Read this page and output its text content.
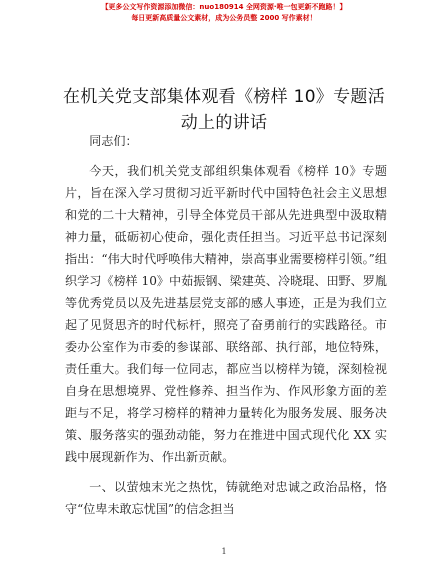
【更多公文写作资源添加微信：nuo180914 全网资源·唯一包更新不跑路！】
每日更新高质量公文素材，成为公务员整 2000 写作素材！
在机关党支部集体观看《榜样 10》专题活动上的讲话

同志们：

今天，我们机关党支部组织集体观看《榜样 10》专题片，旨在深入学习贯彻习近平新时代中国特色社会主义思想和党的二十大精神，引导全体党员干部从先进典型中汲取精神力量，砥砺初心使命，强化责任担当。习近平总书记深刻指出：“伟大时代呼唤伟大精神，崇高事业需要榜样引领。”组织学习《榜样 10》中茹振钢、梁建英、冷晓琨、田野、罗胤等优秀党员以及先进基层党支部的感人事迹，正是为我们立起了见贤思齐的时代标杆，照亮了奋勇前行的实践路径。市委办公室作为市委的参谋部、联络部、执行部，地位特殊，责任重大。我们每一位同志，都应当以榜样为镜，深刻检视自身在思想境界、党性修养、担当作为、作风形象方面的差距与不足，将学习榜样的精神力量转化为服务发展、服务决策、服务落实的强劲动能，努力在推进中国式现代化 XX 实践中展现新作为、作出新贡献。

一、以萤烛末光之热忱，铸就绝对忠诚之政治品格，恪守“位卑未敢忘忧国”的信念担当

1
